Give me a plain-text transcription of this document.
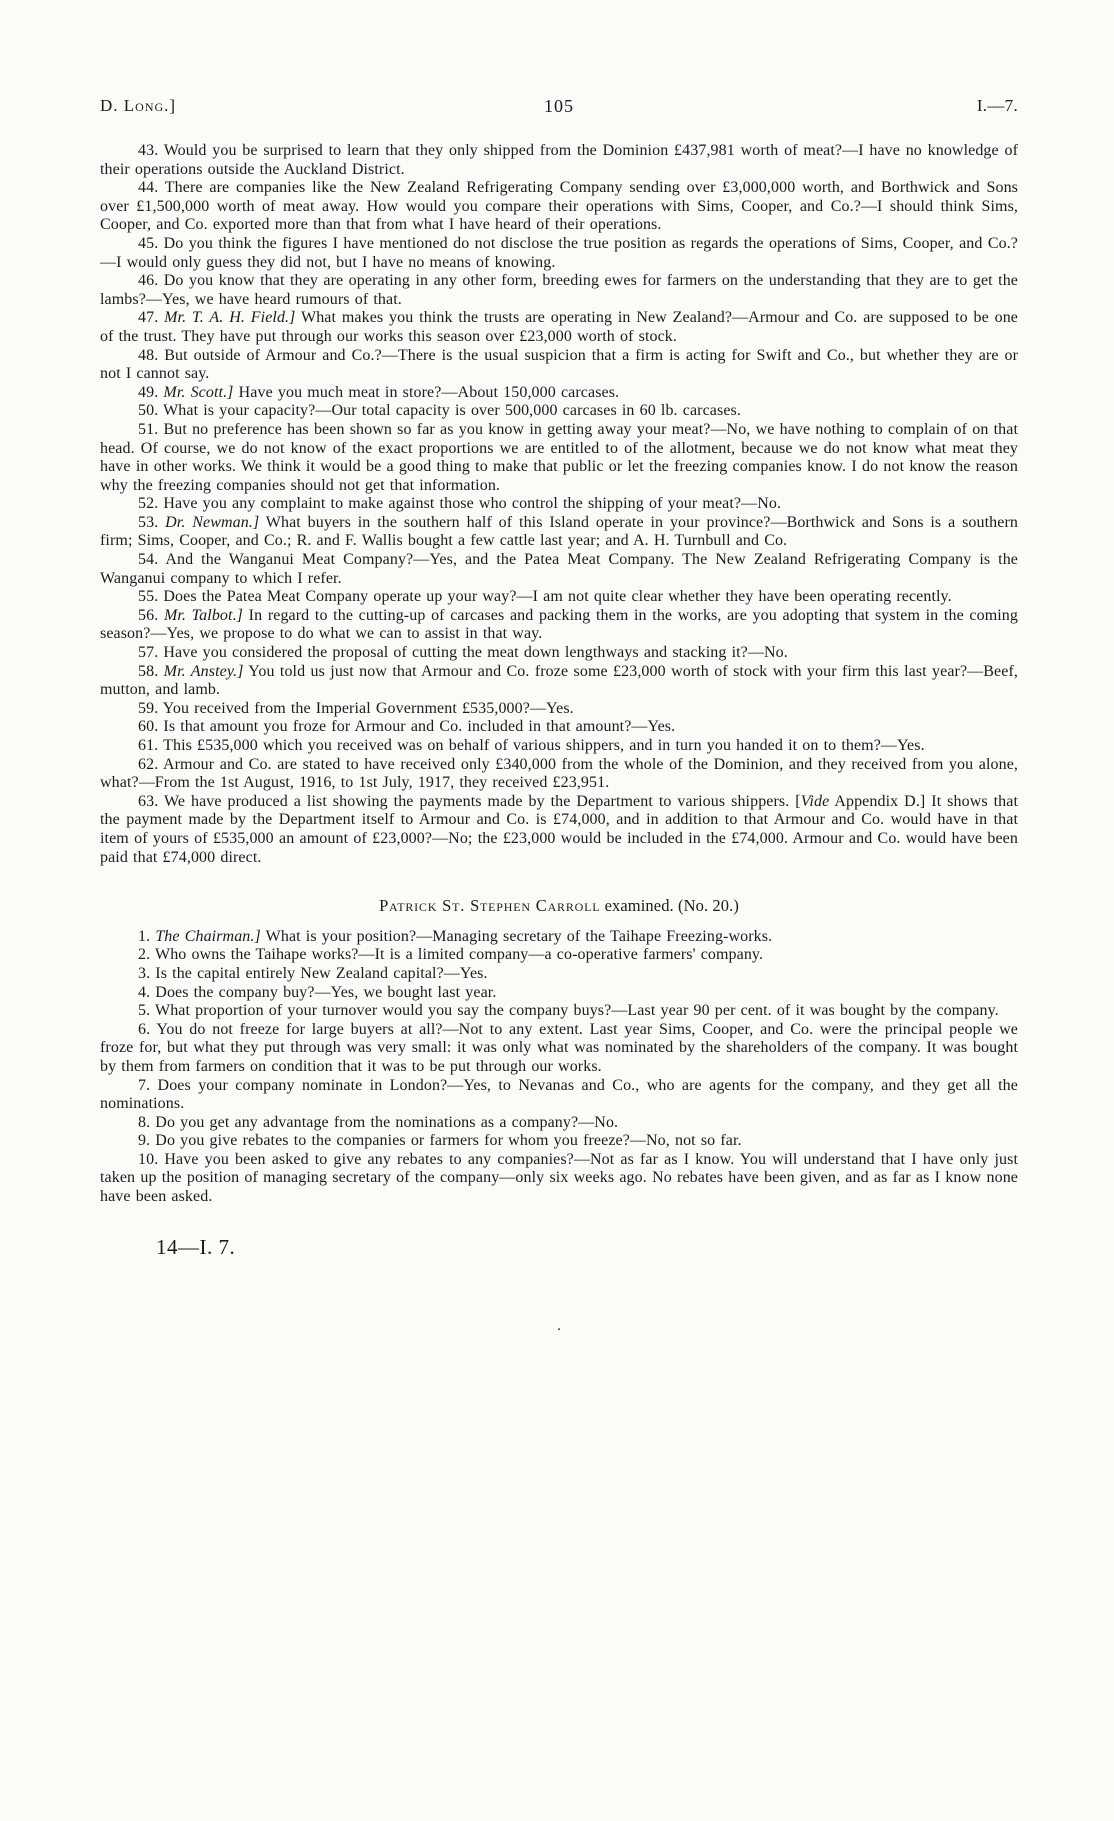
D. Long.]	105	I.—7.

43. Would you be surprised to learn that they only shipped from the Dominion £437,981 worth of meat?—I have no knowledge of their operations outside the Auckland District.

44. There are companies like the New Zealand Refrigerating Company sending over £3,000,000 worth, and Borthwick and Sons over £1,500,000 worth of meat away. How would you compare their operations with Sims, Cooper, and Co.?—I should think Sims, Cooper, and Co. exported more than that from what I have heard of their operations.

45. Do you think the figures I have mentioned do not disclose the true position as regards the operations of Sims, Cooper, and Co.?—I would only guess they did not, but I have no means of knowing.

46. Do you know that they are operating in any other form, breeding ewes for farmers on the understanding that they are to get the lambs?—Yes, we have heard rumours of that.

47. Mr. T. A. H. Field.] What makes you think the trusts are operating in New Zealand?—Armour and Co. are supposed to be one of the trust. They have put through our works this season over £23,000 worth of stock.

48. But outside of Armour and Co.?—There is the usual suspicion that a firm is acting for Swift and Co., but whether they are or not I cannot say.

49. Mr. Scott.] Have you much meat in store?—About 150,000 carcases.

50. What is your capacity?—Our total capacity is over 500,000 carcases in 60 lb. carcases.

51. But no preference has been shown so far as you know in getting away your meat?—No, we have nothing to complain of on that head. Of course, we do not know of the exact proportions we are entitled to of the allotment, because we do not know what meat they have in other works. We think it would be a good thing to make that public or let the freezing companies know. I do not know the reason why the freezing companies should not get that information.

52. Have you any complaint to make against those who control the shipping of your meat?—No.

53. Dr. Newman.] What buyers in the southern half of this Island operate in your province?—Borthwick and Sons is a southern firm; Sims, Cooper, and Co.; R. and F. Wallis bought a few cattle last year; and A. H. Turnbull and Co.

54. And the Wanganui Meat Company?—Yes, and the Patea Meat Company. The New Zealand Refrigerating Company is the Wanganui company to which I refer.

55. Does the Patea Meat Company operate up your way?—I am not quite clear whether they have been operating recently.

56. Mr. Talbot.] In regard to the cutting-up of carcases and packing them in the works, are you adopting that system in the coming season?—Yes, we propose to do what we can to assist in that way.

57. Have you considered the proposal of cutting the meat down lengthways and stacking it?—No.

58. Mr. Anstey.] You told us just now that Armour and Co. froze some £23,000 worth of stock with your firm this last year?—Beef, mutton, and lamb.

59. You received from the Imperial Government £535,000?—Yes.

60. Is that amount you froze for Armour and Co. included in that amount?—Yes.

61. This £535,000 which you received was on behalf of various shippers, and in turn you handed it on to them?—Yes.

62. Armour and Co. are stated to have received only £340,000 from the whole of the Dominion, and they received from you alone, what?—From the 1st August, 1916, to 1st July, 1917, they received £23,951.

63. We have produced a list showing the payments made by the Department to various shippers. [Vide Appendix D.] It shows that the payment made by the Department itself to Armour and Co. is £74,000, and in addition to that Armour and Co. would have in that item of yours of £535,000 an amount of £23,000?—No; the £23,000 would be included in the £74,000. Armour and Co. would have been paid that £74,000 direct.

Patrick St. Stephen Carroll examined. (No. 20.)

1. The Chairman.] What is your position?—Managing secretary of the Taihape Freezing-works.

2. Who owns the Taihape works?—It is a limited company—a co-operative farmers' company.

3. Is the capital entirely New Zealand capital?—Yes.

4. Does the company buy?—Yes, we bought last year.

5. What proportion of your turnover would you say the company buys?—Last year 90 per cent. of it was bought by the company.

6. You do not freeze for large buyers at all?—Not to any extent. Last year Sims, Cooper, and Co. were the principal people we froze for, but what they put through was very small: it was only what was nominated by the shareholders of the company. It was bought by them from farmers on condition that it was to be put through our works.

7. Does your company nominate in London?—Yes, to Nevanas and Co., who are agents for the company, and they get all the nominations.

8. Do you get any advantage from the nominations as a company?—No.

9. Do you give rebates to the companies or farmers for whom you freeze?—No, not so far.

10. Have you been asked to give any rebates to any companies?—Not as far as I know. You will understand that I have only just taken up the position of managing secretary of the company—only six weeks ago. No rebates have been given, and as far as I know none have been asked.

14—I. 7.
.
